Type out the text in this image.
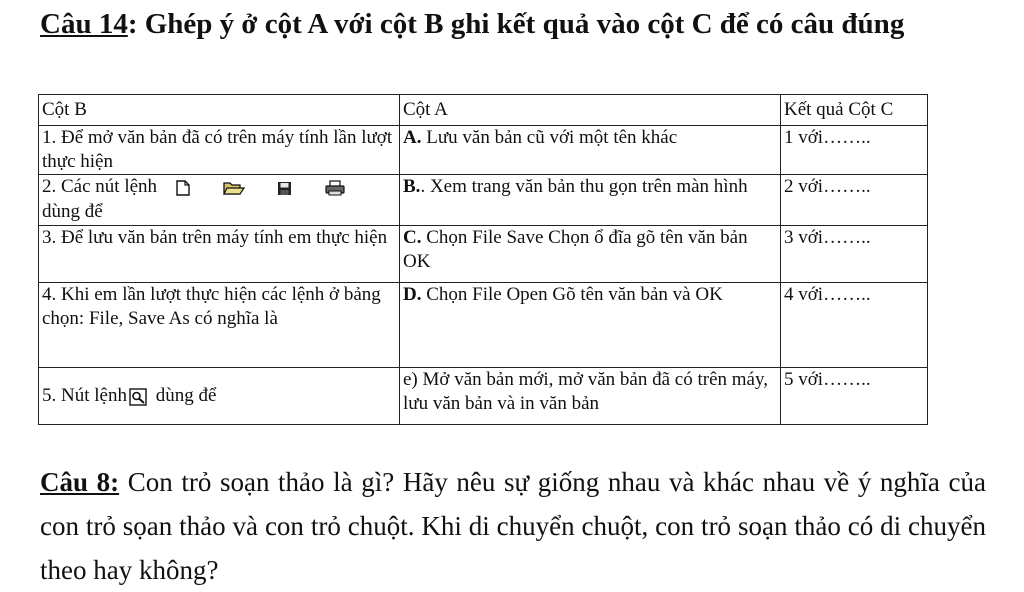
Câu 14: Ghép ý ở cột A với cột B ghi kết quả vào cột C để có câu đúng
Cột B	Cột A	Kết quả Cột C
1. Để mở văn bản đã có trên máy tính lần lượt thực hiện	A. Lưu văn bản cũ với một tên khác	1 với……..
2. Các nút lệnh
dùng để	B.. Xem trang văn bản thu gọn trên màn hình	2 với……..
3. Để lưu văn bản trên máy tính em thực hiện	C. Chọn File Save Chọn ổ đĩa gõ tên văn bản OK	3 với……..
4. Khi em lần lượt thực hiện các lệnh ở bảng chọn: File, Save As có nghĩa là	D. Chọn File Open Gõ tên văn bản và OK	4 với……..
5. Nút lệnh dùng để	e) Mở văn bản mới, mở văn bản đã có trên máy, lưu văn bản và in văn bản	5 với……..
Câu 8: Con trỏ soạn thảo là gì? Hãy nêu sự giống nhau và khác nhau về ý nghĩa của con trỏ sọan thảo và con trỏ chuột. Khi di chuyển chuột, con trỏ soạn thảo có di chuyển theo hay không?
